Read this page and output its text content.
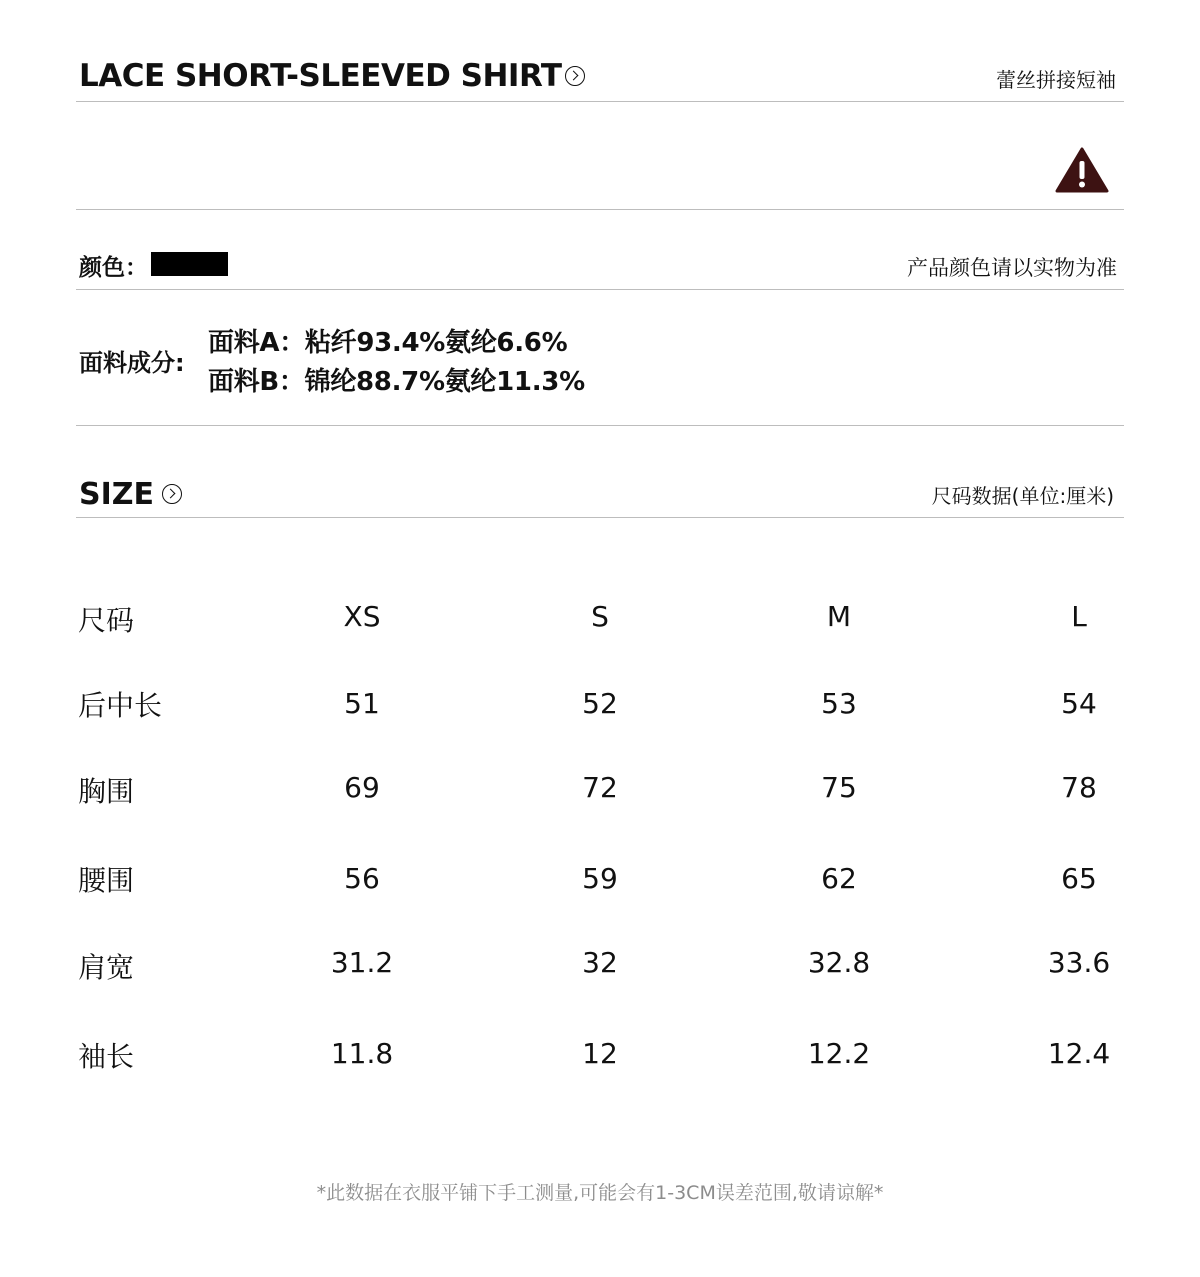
LACE SHORT-SLEEVED SHIRT	蕾丝拼接短袖
颜色：	产品颜色请以实物为准
面料成分:
面料A：粘纤93.4%氨纶6.6%
面料B：锦纶88.7%氨纶11.3%
SIZE	尺码数据(单位:厘米)
尺码	XS	S	M	L
后中长	51	52	53	54
胸围	69	72	75	78
腰围	56	59	62	65
肩宽	31.2	32	32.8	33.6
袖长	11.8	12	12.2	12.4
*此数据在衣服平铺下手工测量,可能会有1-3CM误差范围,敬请谅解*
